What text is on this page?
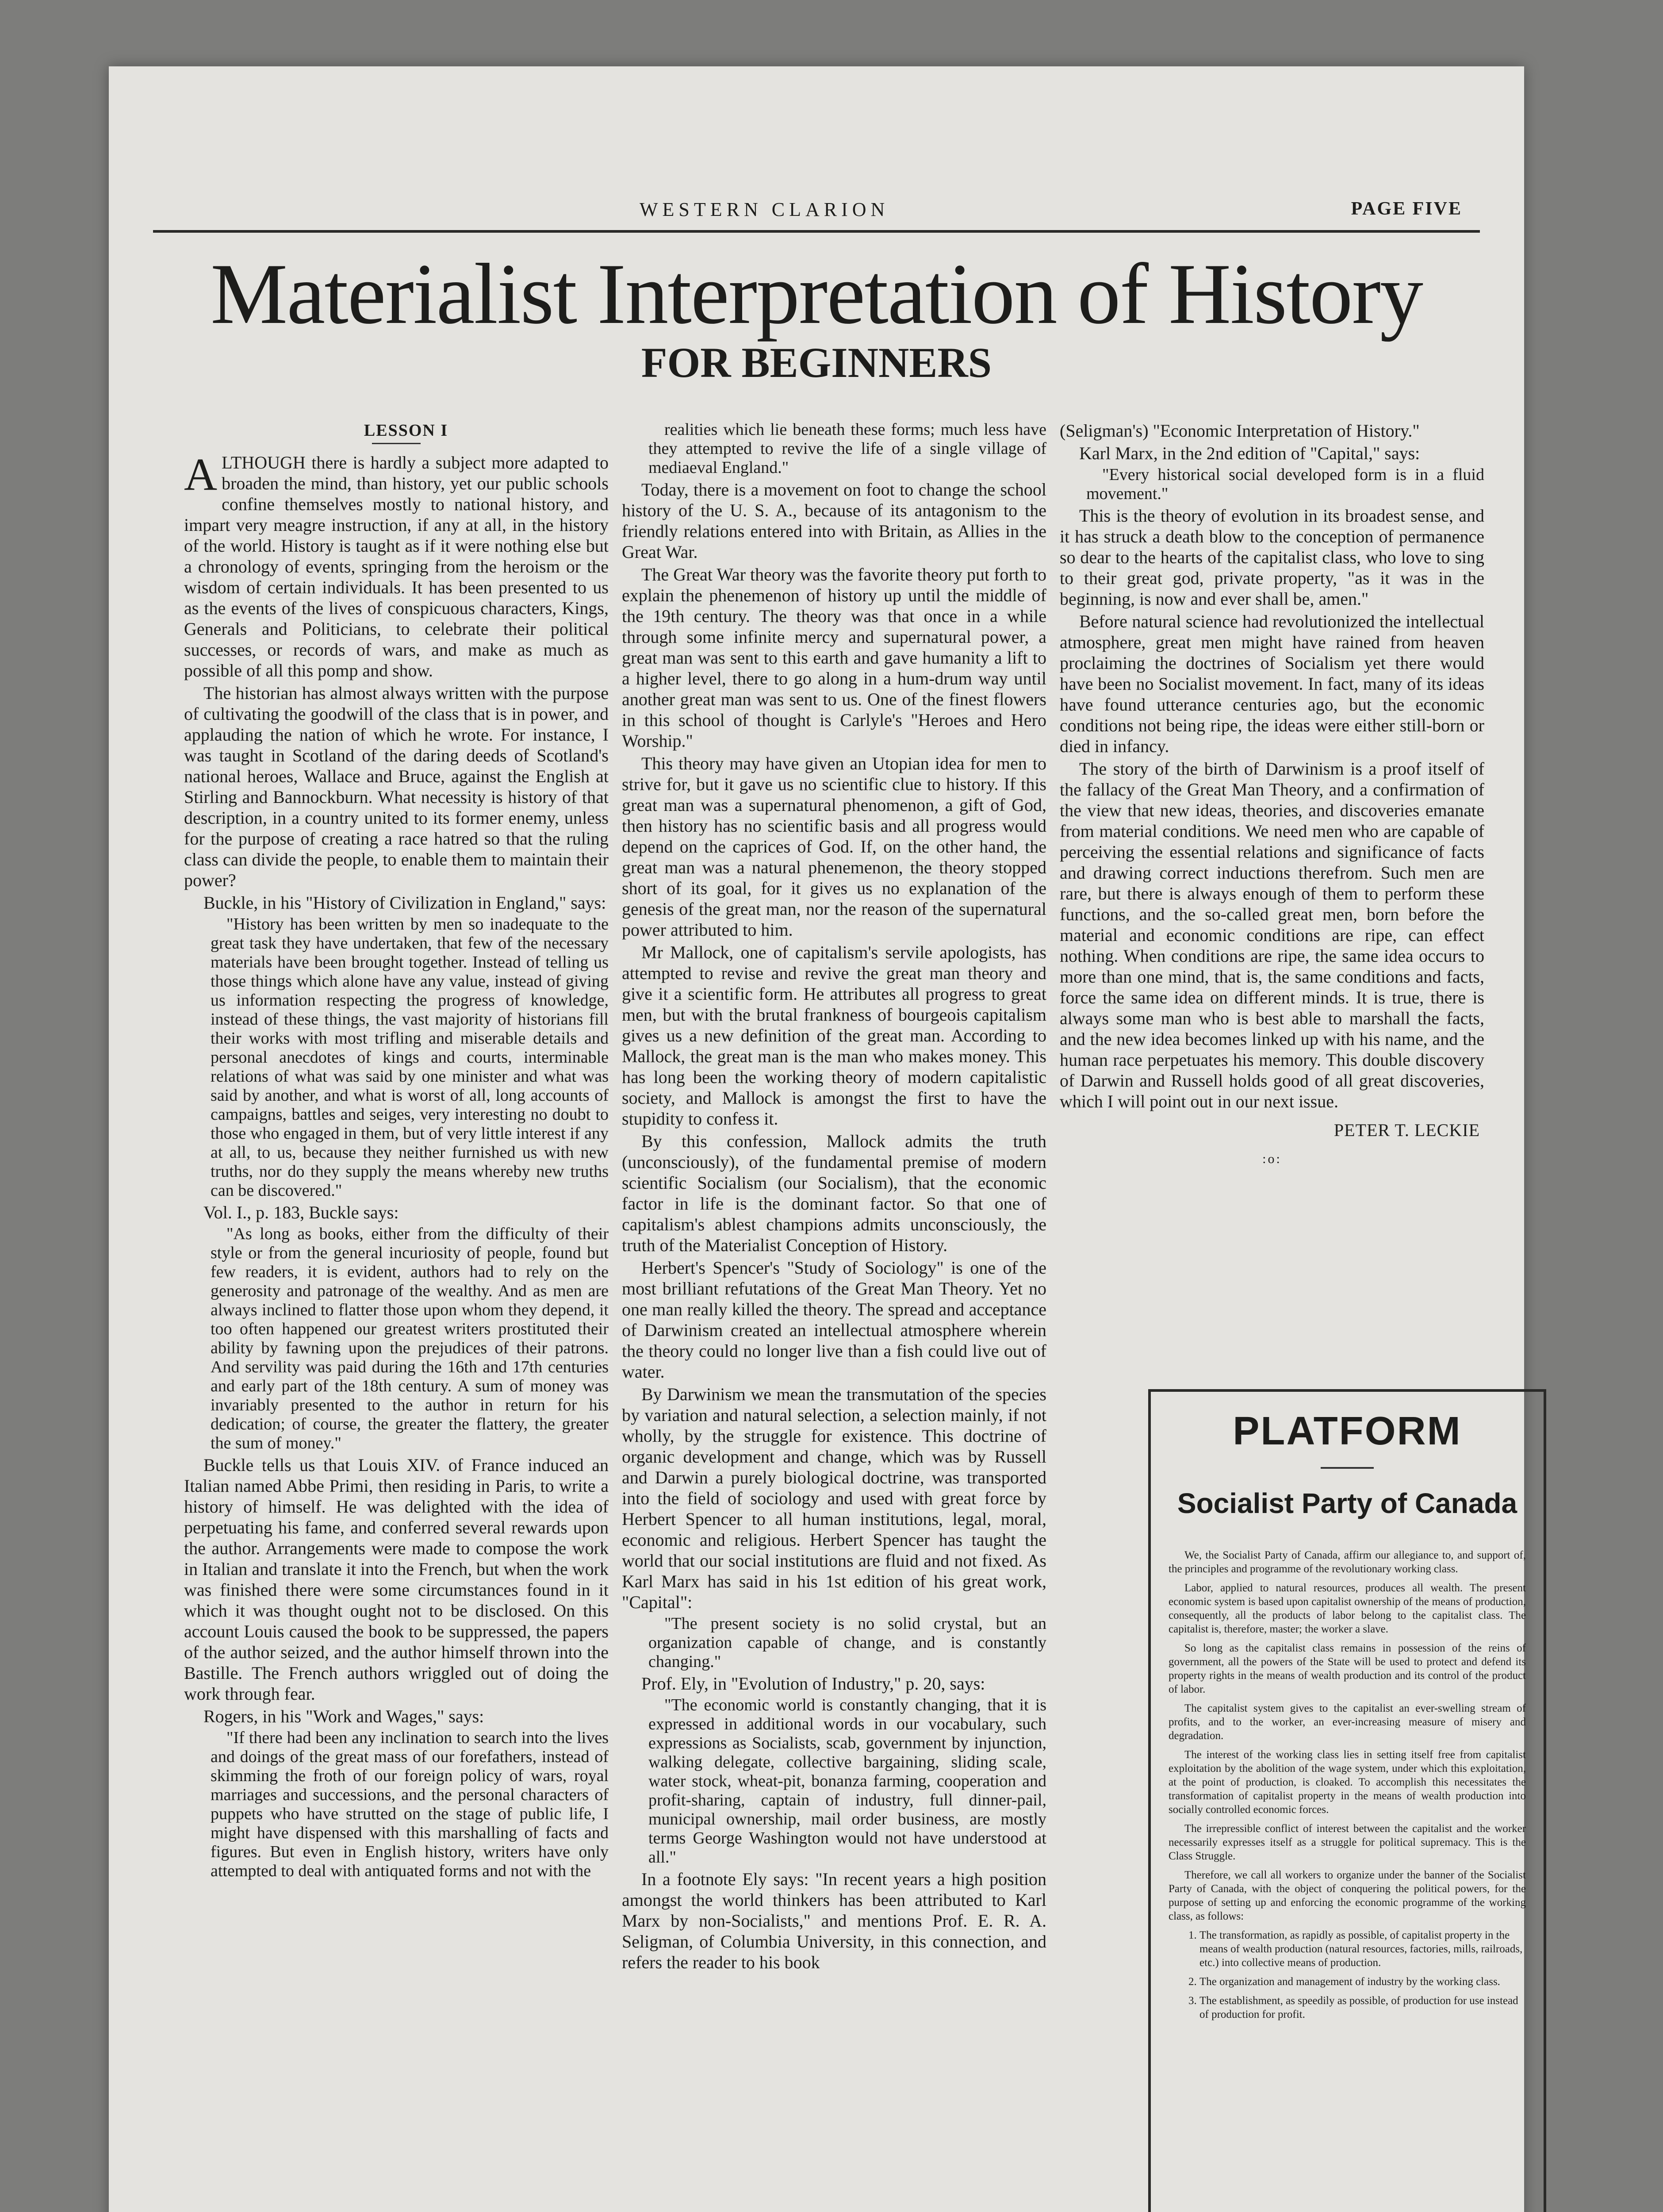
WESTERN CLARION	PAGE FIVE
Materialist Interpretation of History
FOR BEGINNERS

LESSON I

ALTHOUGH there is hardly a subject more adapted to broaden the mind, than history, yet our public schools confine themselves mostly to national history, and impart very meagre instruction, if any at all, in the history of the world. History is taught as if it were nothing else but a chronology of events, springing from the heroism or the wisdom of certain individuals. It has been presented to us as the events of the lives of conspicuous characters, Kings, Generals and Politicians, to celebrate their political successes, or records of wars, and make as much as possible of all this pomp and show.

The historian has almost always written with the purpose of cultivating the goodwill of the class that is in power, and applauding the nation of which he wrote. For instance, I was taught in Scotland of the daring deeds of Scotland's national heroes, Wallace and Bruce, against the English at Stirling and Bannockburn. What necessity is history of that description, in a country united to its former enemy, unless for the purpose of creating a race hatred so that the ruling class can divide the people, to enable them to maintain their power?

Buckle, in his "History of Civilization in England," says:

"History has been written by men so inadequate to the great task they have undertaken, that few of the necessary materials have been brought together. Instead of telling us those things which alone have any value, instead of giving us information respecting the progress of knowledge, instead of these things, the vast majority of historians fill their works with most trifling and miserable details and personal anecdotes of kings and courts, interminable relations of what was said by one minister and what was said by another, and what is worst of all, long accounts of campaigns, battles and seiges, very interesting no doubt to those who engaged in them, but of very little interest if any at all, to us, because they neither furnished us with new truths, nor do they supply the means whereby new truths can be discovered."

Vol. I., p. 183, Buckle says:

"As long as books, either from the difficulty of their style or from the general incuriosity of people, found but few readers, it is evident, authors had to rely on the generosity and patronage of the wealthy. And as men are always inclined to flatter those upon whom they depend, it too often happened our greatest writers prostituted their ability by fawning upon the prejudices of their patrons. And servility was paid during the 16th and 17th centuries and early part of the 18th century. A sum of money was invariably presented to the author in return for his dedication; of course, the greater the flattery, the greater the sum of money."

Buckle tells us that Louis XIV. of France induced an Italian named Abbe Primi, then residing in Paris, to write a history of himself. He was delighted with the idea of perpetuating his fame, and conferred several rewards upon the author. Arrangements were made to compose the work in Italian and translate it into the French, but when the work was finished there were some circumstances found in it which it was thought ought not to be disclosed. On this account Louis caused the book to be suppressed, the papers of the author seized, and the author himself thrown into the Bastille. The French authors wriggled out of doing the work through fear.

Rogers, in his "Work and Wages," says:

"If there had been any inclination to search into the lives and doings of the great mass of our forefathers, instead of skimming the froth of our foreign policy of wars, royal marriages and successions, and the personal characters of puppets who have strutted on the stage of public life, I might have dispensed with this marshalling of facts and figures. But even in English history, writers have only attempted to deal with antiquated forms and not with the

realities which lie beneath these forms; much less have they attempted to revive the life of a single village of mediaeval England."

Today, there is a movement on foot to change the school history of the U. S. A., because of its antagonism to the friendly relations entered into with Britain, as Allies in the Great War.

The Great War theory was the favorite theory put forth to explain the phenemenon of history up until the middle of the 19th century. The theory was that once in a while through some infinite mercy and supernatural power, a great man was sent to this earth and gave humanity a lift to a higher level, there to go along in a hum-drum way until another great man was sent to us. One of the finest flowers in this school of thought is Carlyle's "Heroes and Hero Worship."

This theory may have given an Utopian idea for men to strive for, but it gave us no scientific clue to history. If this great man was a supernatural phenomenon, a gift of God, then history has no scientific basis and all progress would depend on the caprices of God. If, on the other hand, the great man was a natural phenemenon, the theory stopped short of its goal, for it gives us no explanation of the genesis of the great man, nor the reason of the supernatural power attributed to him.

Mr Mallock, one of capitalism's servile apologists, has attempted to revise and revive the great man theory and give it a scientific form. He attributes all progress to great men, but with the brutal frankness of bourgeois capitalism gives us a new definition of the great man. According to Mallock, the great man is the man who makes money. This has long been the working theory of modern capitalistic society, and Mallock is amongst the first to have the stupidity to confess it.

By this confession, Mallock admits the truth (unconsciously), of the fundamental premise of modern scientific Socialism (our Socialism), that the economic factor in life is the dominant factor. So that one of capitalism's ablest champions admits unconsciously, the truth of the Materialist Conception of History.

Herbert's Spencer's "Study of Sociology" is one of the most brilliant refutations of the Great Man Theory. Yet no one man really killed the theory. The spread and acceptance of Darwinism created an intellectual atmosphere wherein the theory could no longer live than a fish could live out of water.

By Darwinism we mean the transmutation of the species by variation and natural selection, a selection mainly, if not wholly, by the struggle for existence. This doctrine of organic development and change, which was by Russell and Darwin a purely biological doctrine, was transported into the field of sociology and used with great force by Herbert Spencer to all human institutions, legal, moral, economic and religious. Herbert Spencer has taught the world that our social institutions are fluid and not fixed. As Karl Marx has said in his 1st edition of his great work, "Capital":

"The present society is no solid crystal, but an organization capable of change, and is constantly changing."

Prof. Ely, in "Evolution of Industry," p. 20, says:

"The economic world is constantly changing, that it is expressed in additional words in our vocabulary, such expressions as Socialists, scab, government by injunction, walking delegate, collective bargaining, sliding scale, water stock, wheat-pit, bonanza farming, cooperation and profit-sharing, captain of industry, full dinner-pail, municipal ownership, mail order business, are mostly terms George Washington would not have understood at all."

In a footnote Ely says: "In recent years a high position amongst the world thinkers has been attributed to Karl Marx by non-Socialists," and mentions Prof. E. R. A. Seligman, of Columbia University, in this connection, and refers the reader to his book

(Seligman's) "Economic Interpretation of History."

Karl Marx, in the 2nd edition of "Capital," says:

"Every historical social developed form is in a fluid movement."

This is the theory of evolution in its broadest sense, and it has struck a death blow to the conception of permanence so dear to the hearts of the capitalist class, who love to sing to their great god, private property, "as it was in the beginning, is now and ever shall be, amen."

Before natural science had revolutionized the intellectual atmosphere, great men might have rained from heaven proclaiming the doctrines of Socialism yet there would have been no Socialist movement. In fact, many of its ideas have found utterance centuries ago, but the economic conditions not being ripe, the ideas were either still-born or died in infancy.

The story of the birth of Darwinism is a proof itself of the fallacy of the Great Man Theory, and a confirmation of the view that new ideas, theories, and discoveries emanate from material conditions. We need men who are capable of perceiving the essential relations and significance of facts and drawing correct inductions therefrom. Such men are rare, but there is always enough of them to perform these functions, and the so-called great men, born before the material and economic conditions are ripe, can effect nothing. When conditions are ripe, the same idea occurs to more than one mind, that is, the same conditions and facts, force the same idea on different minds. It is true, there is always some man who is best able to marshall the facts, and the new idea becomes linked up with his name, and the human race perpetuates his memory. This double discovery of Darwin and Russell holds good of all great discoveries, which I will point out in our next issue.

PETER T. LECKIE
:o:
PLATFORM
Socialist Party of Canada

We, the Socialist Party of Canada, affirm our allegiance to, and support of, the principles and programme of the revolutionary working class.

Labor, applied to natural resources, produces all wealth. The present economic system is based upon capitalist ownership of the means of production, consequently, all the products of labor belong to the capitalist class. The capitalist is, therefore, master; the worker a slave.

So long as the capitalist class remains in possession of the reins of government, all the powers of the State will be used to protect and defend its property rights in the means of wealth production and its control of the product of labor.

The capitalist system gives to the capitalist an ever-swelling stream of profits, and to the worker, an ever-increasing measure of misery and degradation.

The interest of the working class lies in setting itself free from capitalist exploitation by the abolition of the wage system, under which this exploitation, at the point of production, is cloaked. To accomplish this necessitates the transformation of capitalist property in the means of wealth production into socially controlled economic forces.

The irrepressible conflict of interest between the capitalist and the worker necessarily expresses itself as a struggle for political supremacy. This is the Class Struggle.

Therefore, we call all workers to organize under the banner of the Socialist Party of Canada, with the object of conquering the political powers, for the purpose of setting up and enforcing the economic programme of the working class, as follows:

1. The transformation, as rapidly as possible, of capitalist property in the means of wealth production (natural resources, factories, mills, railroads, etc.) into collective means of production.
2. The organization and management of industry by the working class.
3. The establishment, as speedily as possible, of production for use instead of production for profit.
